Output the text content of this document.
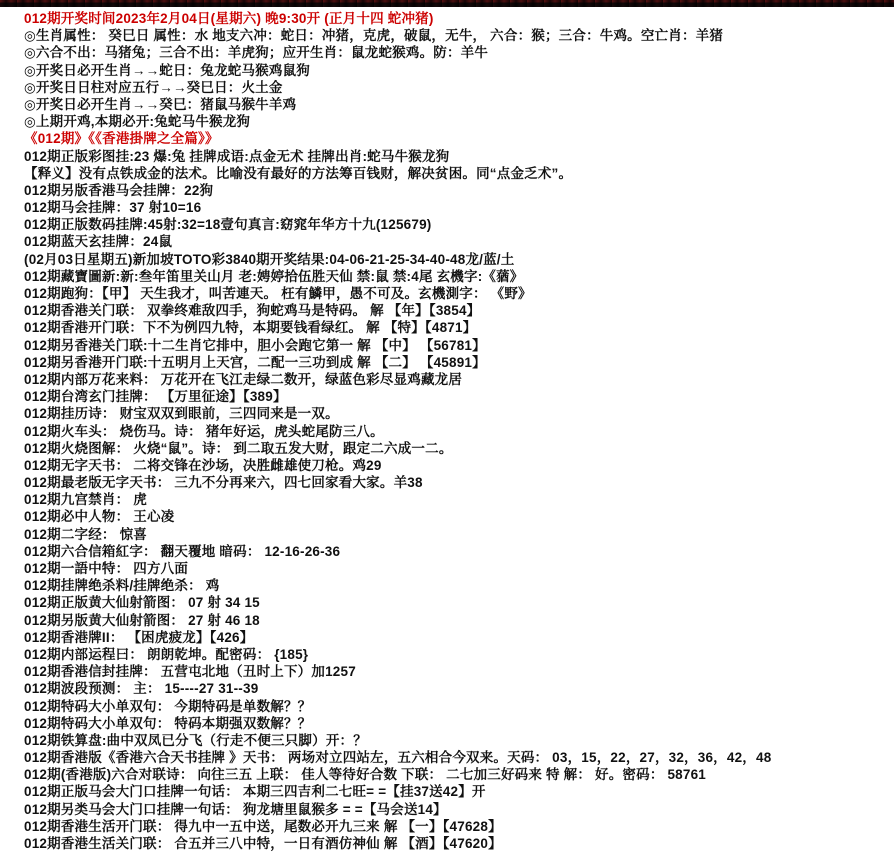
012期开奖时间2023年2月04日(星期六) 晚9:30开 (正月十四 蛇冲猪)
◎生肖属性： 癸巳日 属性：水 地支六冲：蛇日：冲猪，克虎，破鼠，无牛， 六合：猴；三合：牛鸡。空亡肖：羊猪
◎六合不出：马猪兔；三合不出：羊虎狗；应开生肖：鼠龙蛇猴鸡。防：羊牛
◎开奖日必开生肖→→蛇日：兔龙蛇马猴鸡鼠狗
◎开奖日日柱对应五行→→癸巳日：火土金
◎开奖日必开生肖→→癸巳：猪鼠马猴牛羊鸡
◎上期开鸡,本期必开:兔蛇马牛猴龙狗
《012期》《《香港掛牌之全篇》》
012期正版彩图挂:23 爆:兔 挂牌成语:点金无术 挂牌出肖:蛇马牛猴龙狗
【释义】没有点铁成金的法术。比喻没有最好的方法筹百钱财，解决贫困。同“点金乏术”。
012期另版香港马会挂牌：22狗
012期马会挂牌：37 射10=16
012期正版数码挂牌:45射:32=18壹句真言:窈窕年华方十九(125679)
012期蓝天玄挂牌：24鼠
(02月03日星期五)新加坡TOTO彩3840期开奖结果:04-06-21-25-34-40-48龙/蓝/土
012期藏寶圖新:新:叁年笛里关山月 老:娉婷拾伍胜天仙 禁:鼠 禁:4尾 玄機字:《蕕》
012期跑狗：【甲】 天生我才，叫苦連天。 枉有鱗甲，愚不可及。玄機測字： 《野》
012期香港关门联： 双拳终难敌四手，狗蛇鸡马是特码。 解 【年】【3854】
012期香港开门联：下不为例四九特，本期要钱看绿红。 解 【特】【4871】
012期另香港关门联:十二生肖它排中，胆小会跑它第一 解 【中】 【56781】
012期另香港开门联:十五明月上天宫，二配一三功到成 解 【二】 【45891】
012期内部万花来料： 万花开在飞江走绿二数开，绿蓝色彩尽显鸡藏龙居
012期台湾玄门挂牌： 【万里征途】【389】
012期挂历诗： 财宝双双到眼前，三四同来是一双。
012期火车头： 烧伤马。诗： 猪年好运，虎头蛇尾防三八。
012期火烧图解： 火烧“鼠”。诗： 到二取五发大财，跟定二六成一二。
012期无字天书： 二将交锋在沙场，决胜雌雄使刀枪。鸡29
012期最老版无字天书： 三九不分再来六，四七回家看大家。羊38
012期九宫禁肖： 虎
012期必中人物： 王心凌
012期二字经： 惊喜
012期六合信箱紅字： 翻天覆地 暗码： 12-16-26-36
012期一語中特： 四方八面
012期挂牌绝杀料/挂牌绝杀： 鸡
012期正版黄大仙射箭图： 07 射 34 15
012期另版黄大仙射箭图： 27 射 46 18
012期香港牌II： 【困虎疲龙】【426】
012期内部运程曰： 朗朗乾坤。配密码： {185}
012期香港信封挂牌： 五营屯北地（丑时上下）加1257
012期波段预测： 主： 15----27 31--39
012期特码大小单双句： 今期特码是单数解？？
012期特码大小单双句： 特码本期强双数解？？
012期铁算盘:曲中双凤已分飞（行走不便三只脚）开：？
012期香港版《香港六合天书挂牌 》天书： 两场对立四站左，五六相合今双来。天码： 03，15，22，27，32，36，42，48
012期(香港版)六合对联诗： 向往三五 上联： 佳人等待好合数 下联： 二七加三好码来 特 解： 好。密码： 58761
012期正版马会大门口挂牌一句话： 本期三四吉利二七旺= =【挂37送42】开
012期另类马会大门口挂牌一句话： 狗龙塘里鼠猴多 = =【马会送14】
012期香港生活开门联： 得九中一五中送，尾数必开九三来 解 【一】【47628】
012期香港生活关门联： 合五并三八中特，一日有酒仿神仙 解 【酒】【47620】
